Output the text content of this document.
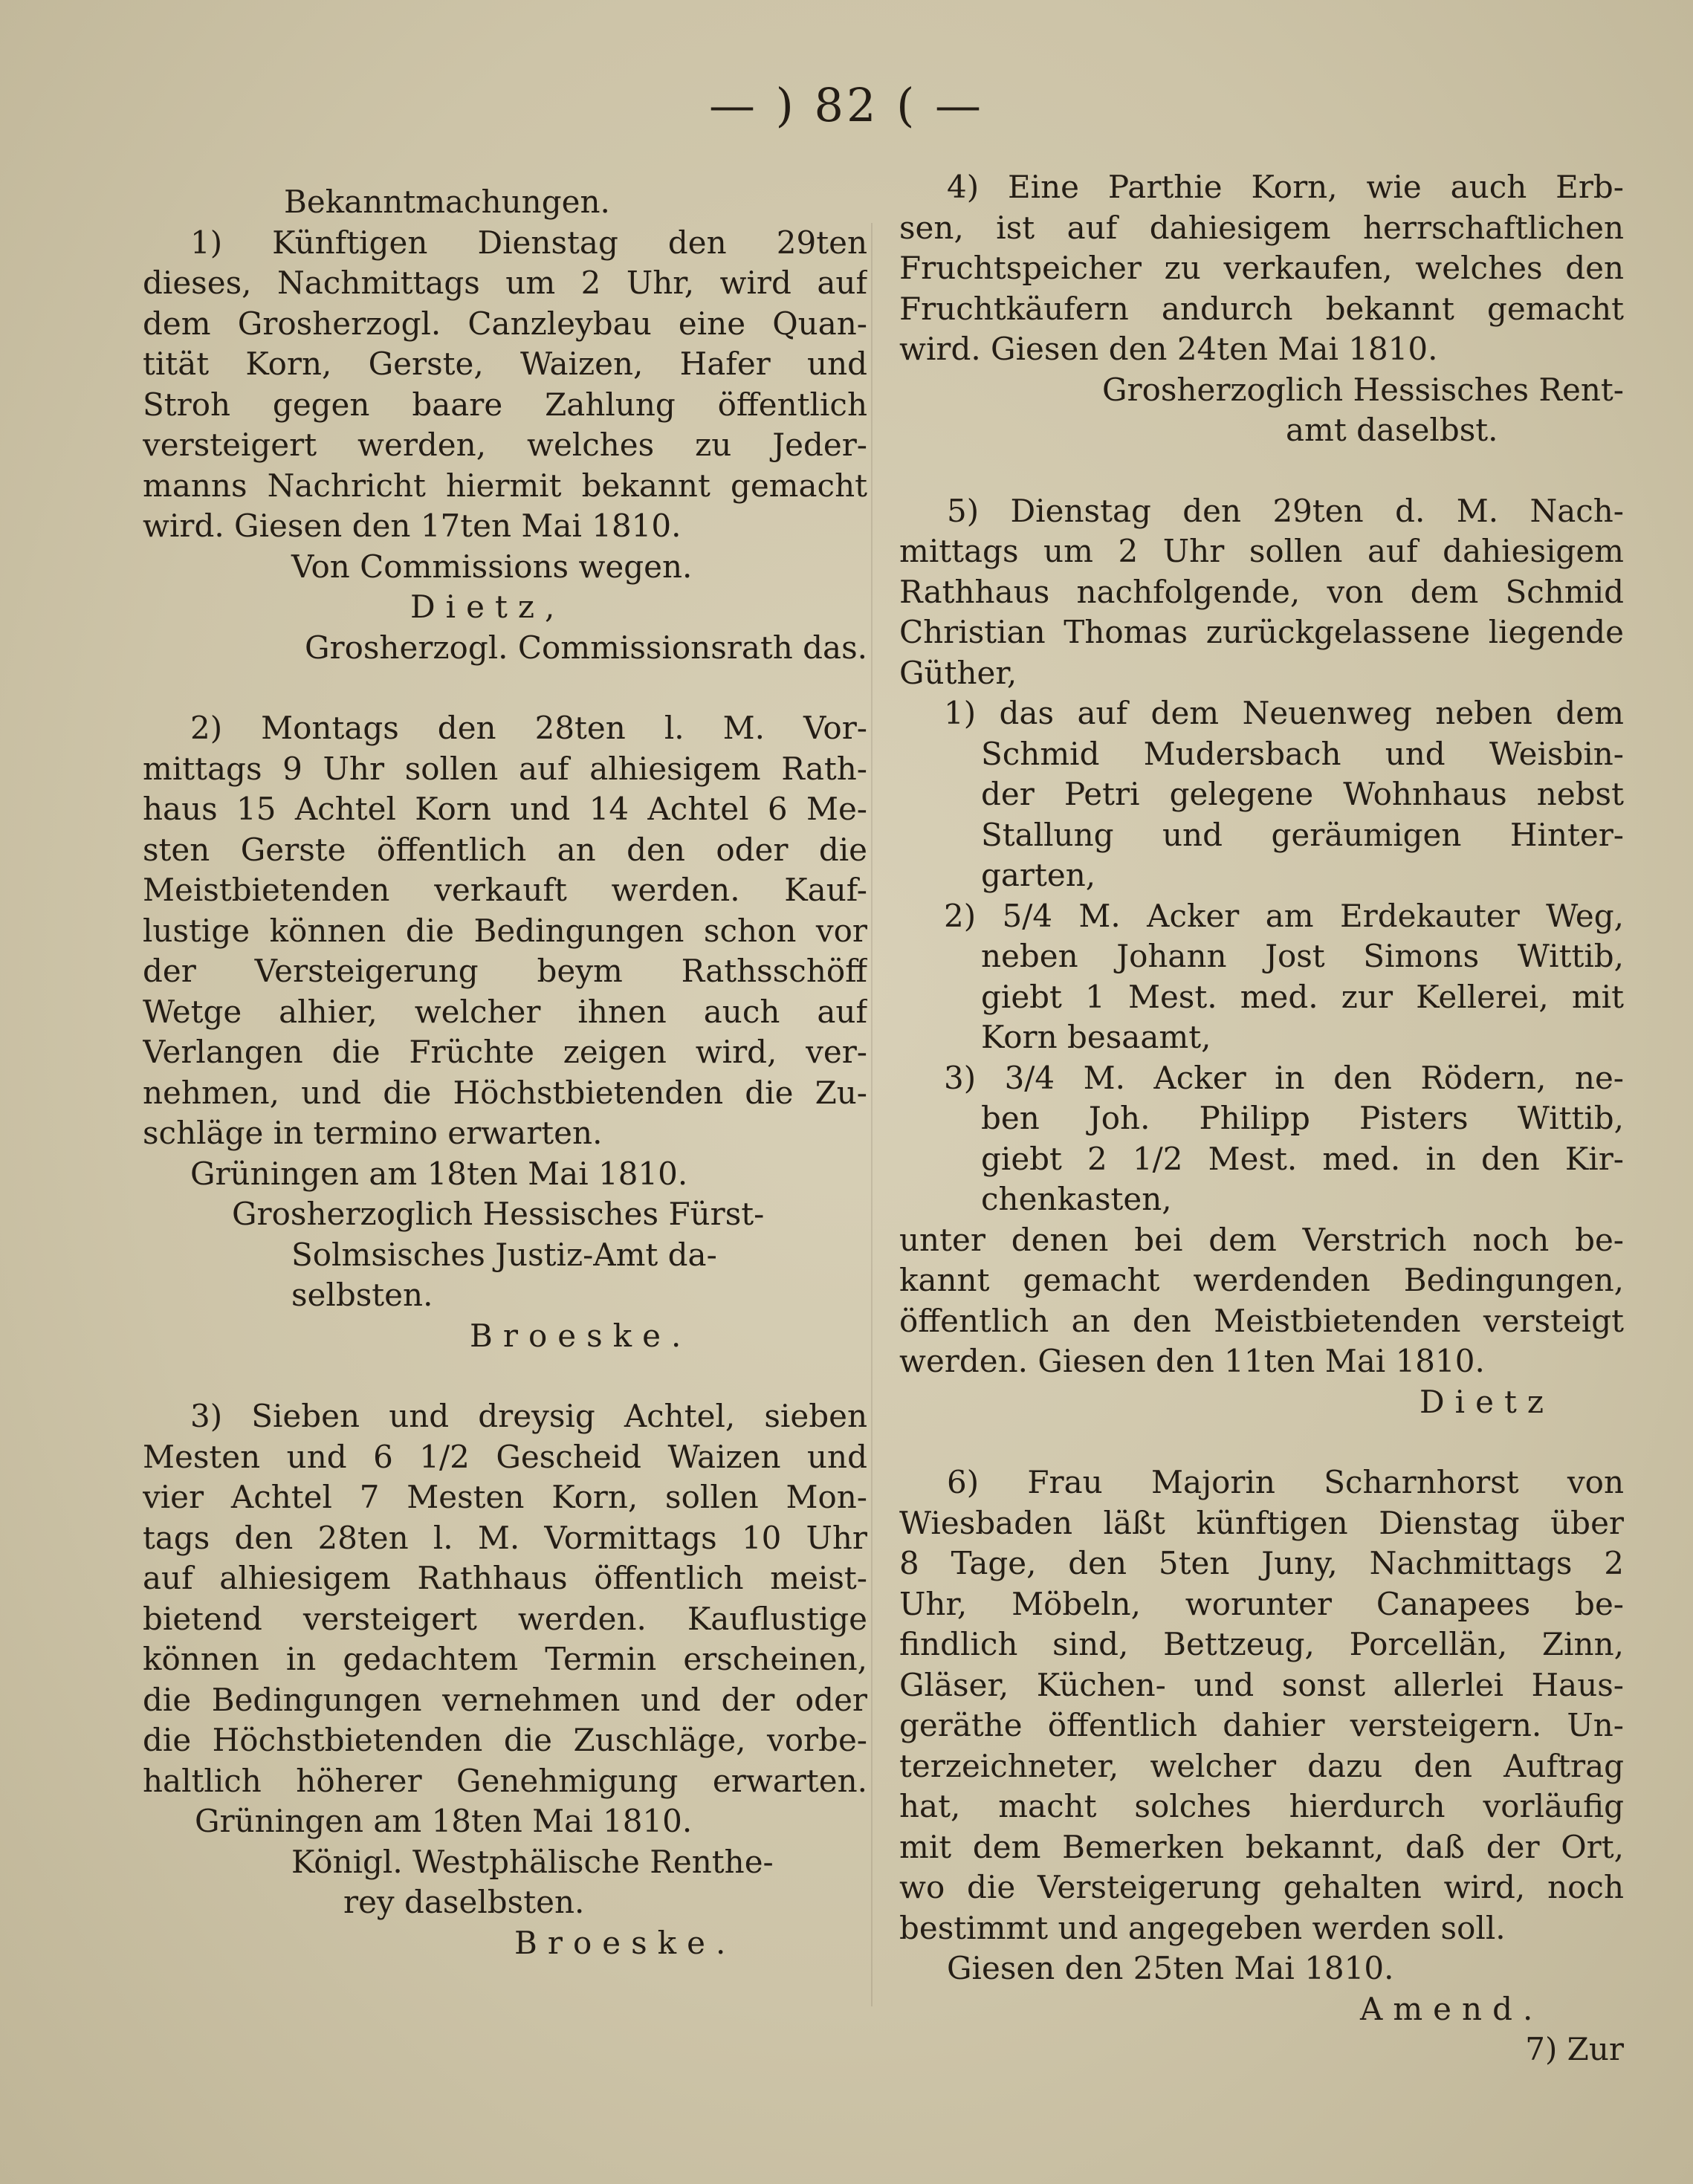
— ) 82 ( —
Bekanntmachungen.
1) Künftigen Dienstag den 29ten
dieses, Nachmittags um 2 Uhr, wird auf
dem Grosherzogl. Canzleybau eine Quan-
tität Korn, Gerste, Waizen, Hafer und
Stroh gegen baare Zahlung öffentlich
versteigert werden, welches zu Jeder-
manns Nachricht hiermit bekannt gemacht
wird. Giesen den 17ten Mai 1810.
Von Commissions wegen.
Dietz,
Grosherzogl. Commissionsrath das.
2) Montags den 28ten l. M. Vor-
mittags 9 Uhr sollen auf alhiesigem Rath-
haus 15 Achtel Korn und 14 Achtel 6 Me-
sten Gerste öffentlich an den oder die
Meistbietenden verkauft werden. Kauf-
lustige können die Bedingungen schon vor
der Versteigerung beym Rathsschöff
Wetge alhier, welcher ihnen auch auf
Verlangen die Früchte zeigen wird, ver-
nehmen, und die Höchstbietenden die Zu-
schläge in termino erwarten.
Grüningen am 18ten Mai 1810.
Grosherzoglich Hessisches Fürst-
Solmsisches Justiz-Amt da-
selbsten.
Broeske.
3) Sieben und dreysig Achtel, sieben
Mesten und 6 1/2 Gescheid Waizen und
vier Achtel 7 Mesten Korn, sollen Mon-
tags den 28ten l. M. Vormittags 10 Uhr
auf alhiesigem Rathhaus öffentlich meist-
bietend versteigert werden. Kauflustige
können in gedachtem Termin erscheinen,
die Bedingungen vernehmen und der oder
die Höchstbietenden die Zuschläge, vorbe-
haltlich höherer Genehmigung erwarten.
Grüningen am 18ten Mai 1810.
Königl. Westphälische Renthe-
rey daselbsten.
Broeske.
4) Eine Parthie Korn, wie auch Erb-
sen, ist auf dahiesigem herrschaftlichen
Fruchtspeicher zu verkaufen, welches den
Fruchtkäufern andurch bekannt gemacht
wird. Giesen den 24ten Mai 1810.
Grosherzoglich Hessisches Rent-
amt daselbst.
5) Dienstag den 29ten d. M. Nach-
mittags um 2 Uhr sollen auf dahiesigem
Rathhaus nachfolgende, von dem Schmid
Christian Thomas zurückgelassene liegende
Güther,
1) das auf dem Neuenweg neben dem
Schmid Mudersbach und Weisbin-
der Petri gelegene Wohnhaus nebst
Stallung und geräumigen Hinter-
garten,
2) 5/4 M. Acker am Erdekauter Weg,
neben Johann Jost Simons Wittib,
giebt 1 Mest. med. zur Kellerei, mit
Korn besaamt,
3) 3/4 M. Acker in den Rödern, ne-
ben Joh. Philipp Pisters Wittib,
giebt 2 1/2 Mest. med. in den Kir-
chenkasten,
unter denen bei dem Verstrich noch be-
kannt gemacht werdenden Bedingungen,
öffentlich an den Meistbietenden versteigt
werden. Giesen den 11ten Mai 1810.
Dietz
6) Frau Majorin Scharnhorst von
Wiesbaden läßt künftigen Dienstag über
8 Tage, den 5ten Juny, Nachmittags 2
Uhr, Möbeln, worunter Canapees be-
findlich sind, Bettzeug, Porcellän, Zinn,
Gläser, Küchen- und sonst allerlei Haus-
geräthe öffentlich dahier versteigern. Un-
terzeichneter, welcher dazu den Auftrag
hat, macht solches hierdurch vorläufig
mit dem Bemerken bekannt, daß der Ort,
wo die Versteigerung gehalten wird, noch
bestimmt und angegeben werden soll.
Giesen den 25ten Mai 1810.
Amend.
7) Zur
